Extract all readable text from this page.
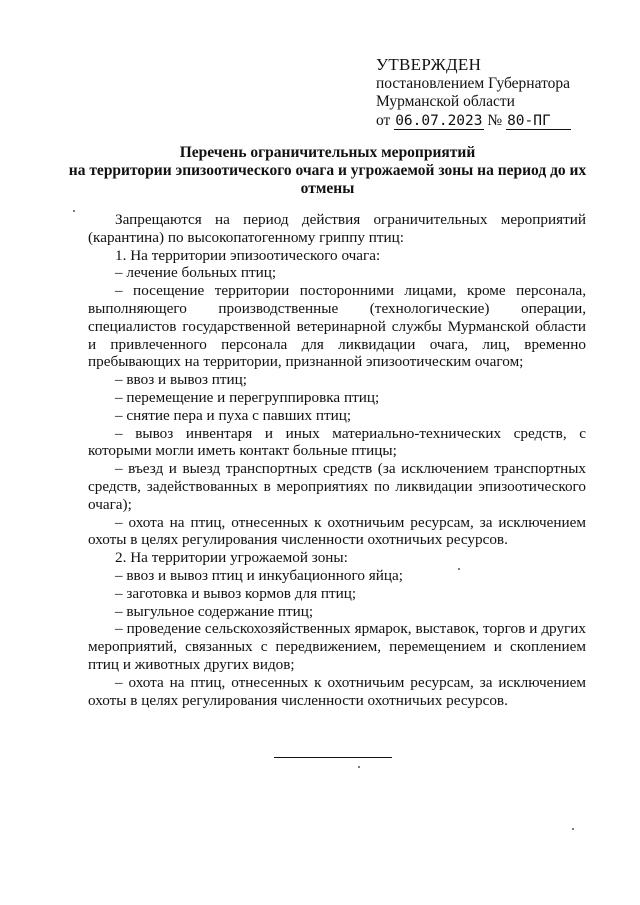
УТВЕРЖДЕН
постановлением Губернатора
Мурманской области
от 06.07.2023 № 80-ПГ
Перечень ограничительных мероприятий
на территории эпизоотического очага и угрожаемой зоны на период до их отмены

Запрещаются на период действия ограничительных мероприятий (карантина) по высокопатогенному гриппу птиц:

1. На территории эпизоотического очага:

– лечение больных птиц;

– посещение территории посторонними лицами, кроме персонала, выполняющего производственные (технологические) операции, специалистов государственной ветеринарной службы Мурманской области и привлеченного персонала для ликвидации очага, лиц, временно пребывающих на территории, признанной эпизоотическим очагом;

– ввоз и вывоз птиц;

– перемещение и перегруппировка птиц;

– снятие пера и пуха с павших птиц;

– вывоз инвентаря и иных материально-технических средств, с которыми могли иметь контакт больные птицы;

– въезд и выезд транспортных средств (за исключением транспортных средств, задействованных в мероприятиях по ликвидации эпизоотического очага);

– охота на птиц, отнесенных к охотничьим ресурсам, за исключением охоты в целях регулирования численности охотничьих ресурсов.

2. На территории угрожаемой зоны:

– ввоз и вывоз птиц и инкубационного яйца;

– заготовка и вывоз кормов для птиц;

– выгульное содержание птиц;

– проведение сельскохозяйственных ярмарок, выставок, торгов и других мероприятий, связанных с передвижением, перемещением и скоплением птиц и животных других видов;

– охота на птиц, отнесенных к охотничьим ресурсам, за исключением охоты в целях регулирования численности охотничьих ресурсов.
